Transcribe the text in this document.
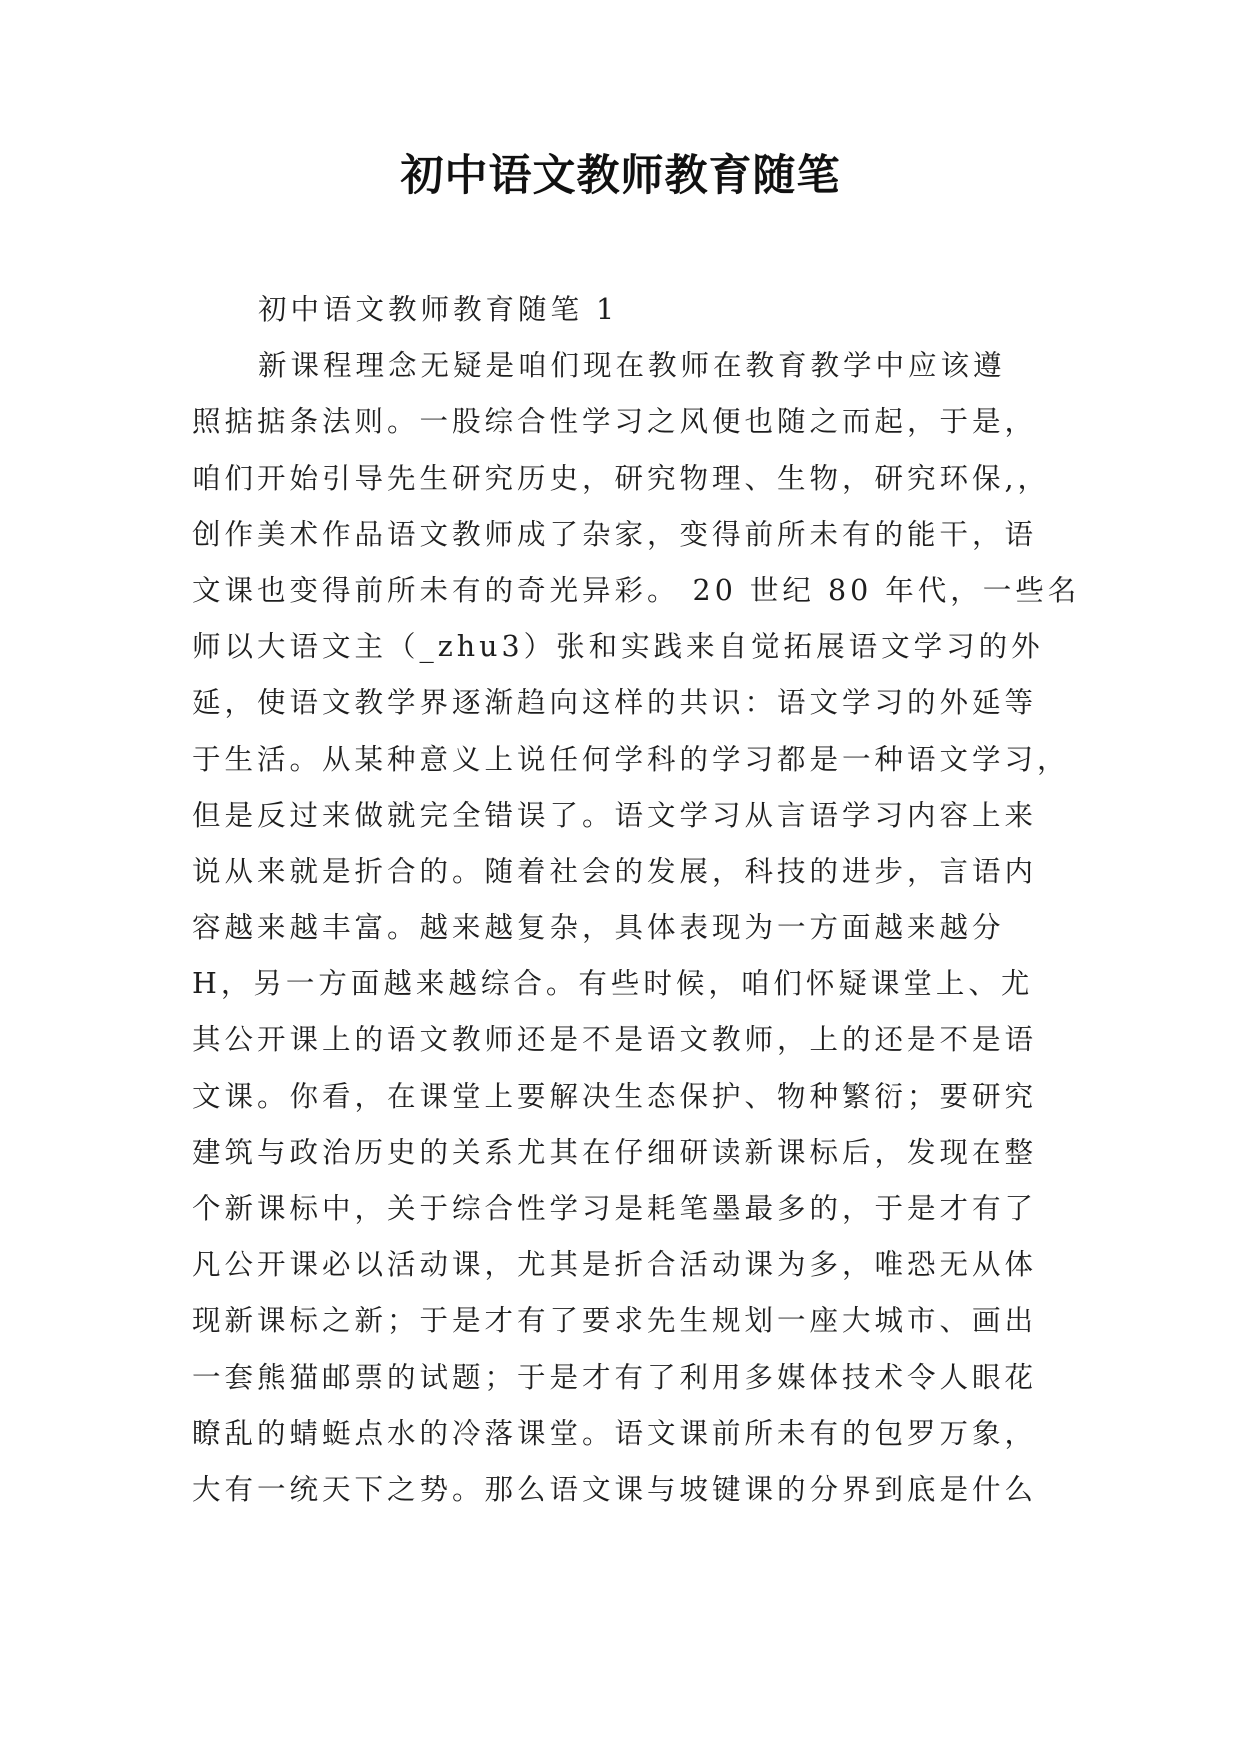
初中语文教师教育随笔
初中语文教师教育随笔 1
新课程理念无疑是咱们现在教师在教育教学中应该遵
照掂掂条法则。一股综合性学习之风便也随之而起，于是，
咱们开始引导先生研究历史，研究物理、生物，研究环保,，
创作美术作品语文教师成了杂家，变得前所未有的能干，语
文课也变得前所未有的奇光异彩。 20 世纪 80 年代，一些名
师以大语文主（_zhu3）张和实践来自觉拓展语文学习的外
延，使语文教学界逐渐趋向这样的共识：语文学习的外延等
于生活。从某种意义上说任何学科的学习都是一种语文学习，
但是反过来做就完全错误了。语文学习从言语学习内容上来
说从来就是折合的。随着社会的发展，科技的进步，言语内
容越来越丰富。越来越复杂，具体表现为一方面越来越分
H，另一方面越来越综合。有些时候，咱们怀疑课堂上、尤
其公开课上的语文教师还是不是语文教师，上的还是不是语
文课。你看，在课堂上要解决生态保护、物种繁衍；要研究
建筑与政治历史的关系尤其在仔细研读新课标后，发现在整
个新课标中，关于综合性学习是耗笔墨最多的，于是才有了
凡公开课必以活动课，尤其是折合活动课为多，唯恐无从体
现新课标之新；于是才有了要求先生规划一座大城市、画出
一套熊猫邮票的试题；于是才有了利用多媒体技术令人眼花
瞭乱的蜻蜓点水的冷落课堂。语文课前所未有的包罗万象，
大有一统天下之势。那么语文课与坡键课的分界到底是什么
